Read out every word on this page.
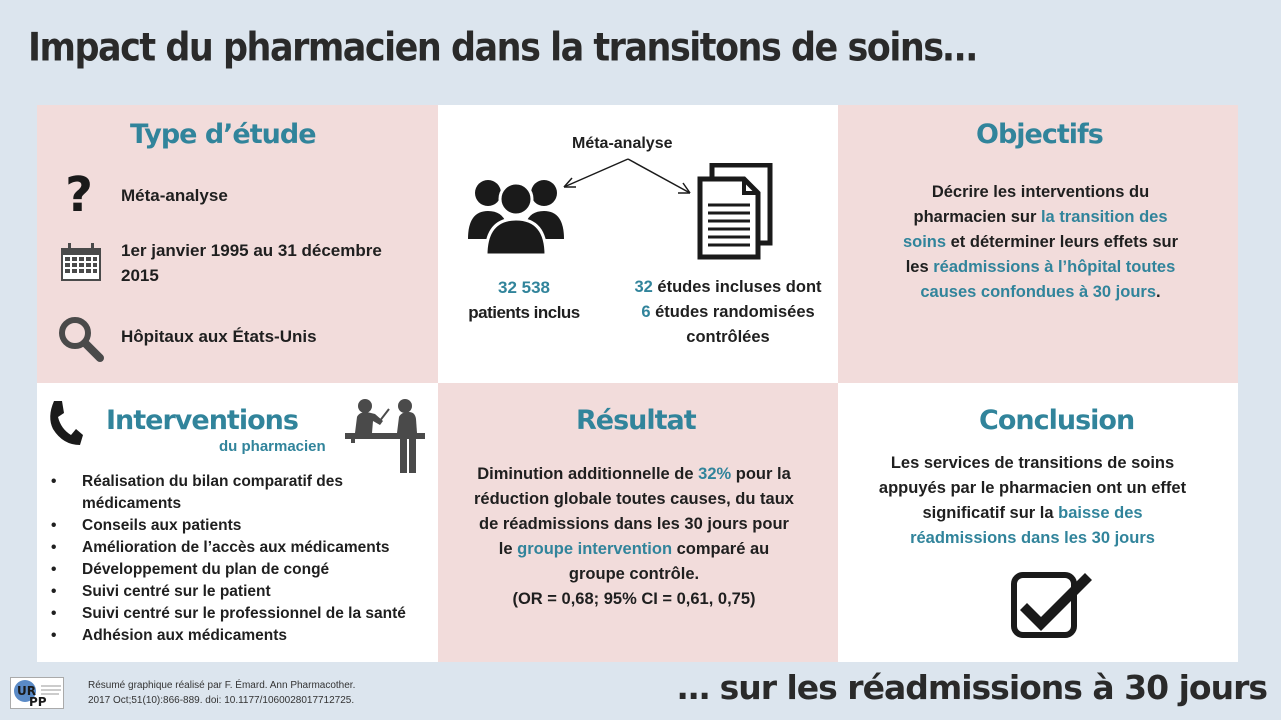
Impact du pharmacien dans la transitons de soins…
Type d’étude
? Méta-analyse
1er janvier 1995 au 31 décembre 2015
Hôpitaux aux États-Unis
Méta-analyse
32 538
patients inclus
32 études incluses dont
6 études randomisées
contrôlées
Objectifs
Décrire les interventions du pharmacien sur la transition des soins et déterminer leurs effets sur les réadmissions à l’hôpital toutes causes confondues à 30 jours.
Interventions
du pharmacien
• Réalisation du bilan comparatif des médicaments
• Conseils aux patients
• Amélioration de l’accès aux médicaments
• Développement du plan de congé
• Suivi centré sur le patient
• Suivi centré sur le professionnel de la santé
• Adhésion aux médicaments
Résultat
Diminution additionnelle de 32% pour la réduction globale toutes causes, du taux de réadmissions dans les 30 jours pour le groupe intervention comparé au groupe contrôle.
(OR = 0,68; 95% CI = 0,61, 0,75)
Conclusion
Les services de transitions de soins appuyés par le pharmacien ont un effet significatif sur la baisse des réadmissions dans les 30 jours
UR
PP
Résumé graphique réalisé par F. Émard. Ann Pharmacother.
2017 Oct;51(10):866-889. doi: 10.1177/1060028017712725.	… sur les réadmissions à 30 jours
